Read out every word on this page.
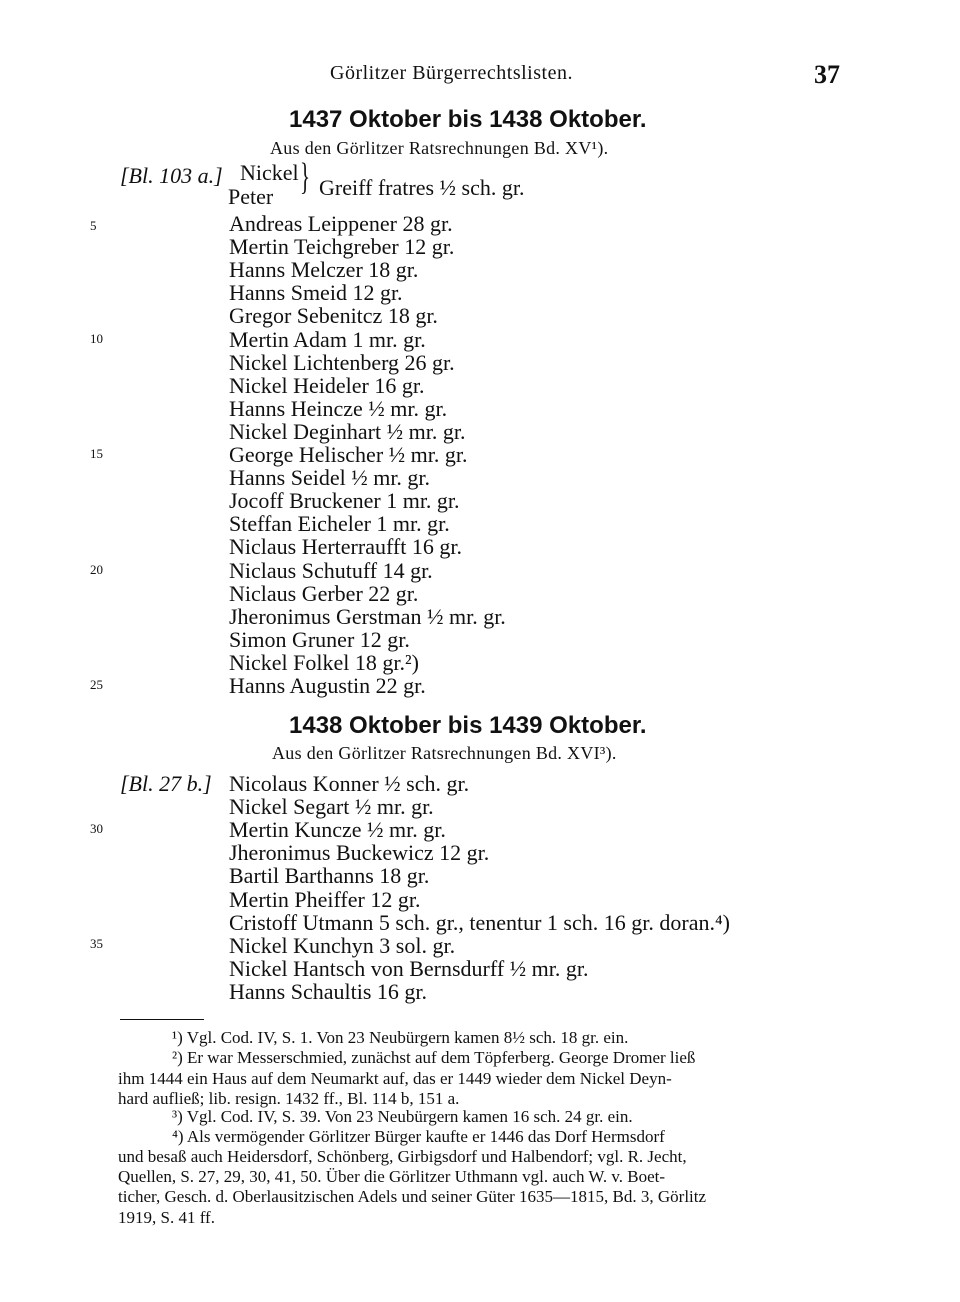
Görlitzer Bürgerrechtslisten.	37
1437 Oktober bis 1438 Oktober.
Aus den Görlitzer Ratsrechnungen Bd. XV¹).
[Bl. 103 a.] Nickel
Peter } Greiff fratres ½ sch. gr.
Andreas Leippener 28 gr.
Mertin Teichgreber 12 gr.
Hanns Melczer 18 gr.
Hanns Smeid 12 gr.
Gregor Sebenitcz 18 gr.
Mertin Adam 1 mr. gr.
Nickel Lichtenberg 26 gr.
Nickel Heideler 16 gr.
Hanns Heincze ½ mr. gr.
Nickel Deginhart ½ mr. gr.
George Helischer ½ mr. gr.
Hanns Seidel ½ mr. gr.
Jocoff Bruckener 1 mr. gr.
Steffan Eicheler 1 mr. gr.
Niclaus Herterraufft 16 gr.
Niclaus Schutuff 14 gr.
Niclaus Gerber 22 gr.
Jheronimus Gerstman ½ mr. gr.
Simon Gruner 12 gr.
Nickel Folkel 18 gr.²)
Hanns Augustin 22 gr.
1438 Oktober bis 1439 Oktober.
Aus den Görlitzer Ratsrechnungen Bd. XVI³).
[Bl. 27 b.] Nicolaus Konner ½ sch. gr.
Nickel Segart ½ mr. gr.
Mertin Kuncze ½ mr. gr.
Jheronimus Buckewicz 12 gr.
Bartil Barthanns 18 gr.
Mertin Pheiffer 12 gr.
Cristoff Utmann 5 sch. gr., tenentur 1 sch. 16 gr. doran.⁴)
Nickel Kunchyn 3 sol. gr.
Nickel Hantsch von Bernsdurff ½ mr. gr.
Hanns Schaultis 16 gr.
5
10
15
20
25
30
35
¹) Vgl. Cod. IV, S. 1. Von 23 Neubürgern kamen 8½ sch. 18 gr. ein.
²) Er war Messerschmied, zunächst auf dem Töpferberg. George Dromer ließ
ihm 1444 ein Haus auf dem Neumarkt auf, das er 1449 wieder dem Nickel Deyn-
hard aufließ; lib. resign. 1432 ff., Bl. 114 b, 151 a.
³) Vgl. Cod. IV, S. 39. Von 23 Neubürgern kamen 16 sch. 24 gr. ein.
⁴) Als vermögender Görlitzer Bürger kaufte er 1446 das Dorf Hermsdorf
und besaß auch Heidersdorf, Schönberg, Girbigsdorf und Halbendorf; vgl. R. Jecht,
Quellen, S. 27, 29, 30, 41, 50. Über die Görlitzer Uthmann vgl. auch W. v. Boet-
ticher, Gesch. d. Oberlausitzischen Adels und seiner Güter 1635—1815, Bd. 3, Görlitz
1919, S. 41 ff.
